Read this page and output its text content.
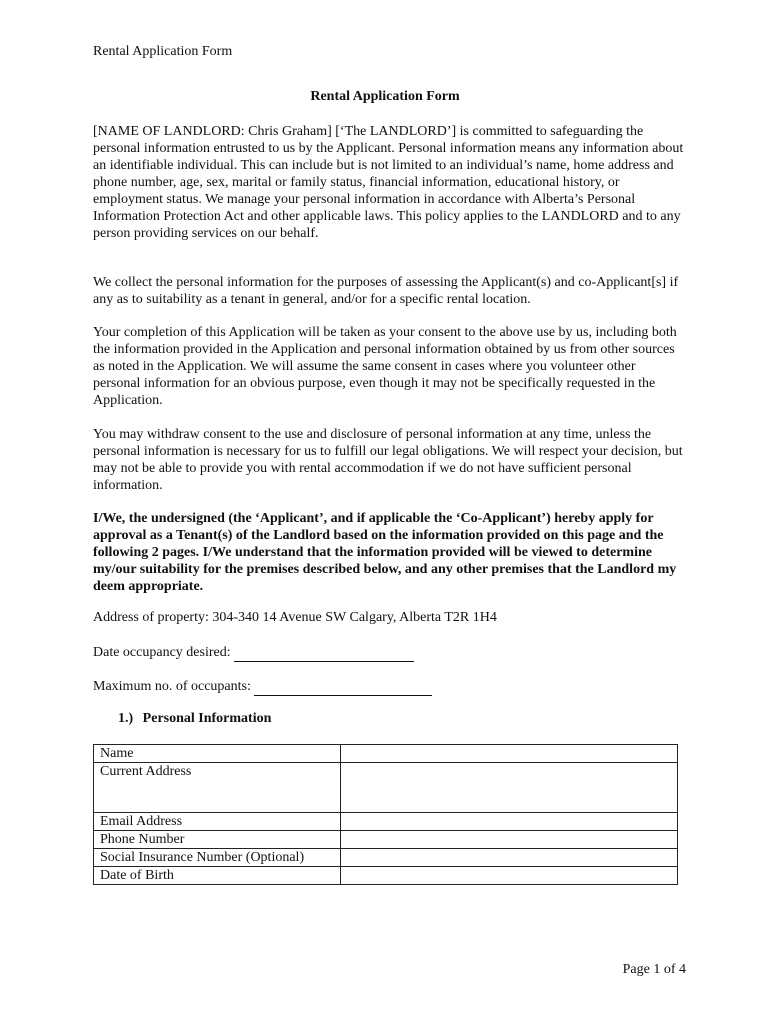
Rental Application Form
Rental Application Form

[NAME OF LANDLORD: Chris Graham] [‘The LANDLORD’] is committed to safeguarding the personal information entrusted to us by the Applicant. Personal information means any information about an identifiable individual. This can include but is not limited to an individual’s name, home address and phone number, age, sex, marital or family status, financial information, educational history, or employment status. We manage your personal information in accordance with Alberta’s Personal Information Protection Act and other applicable laws. This policy applies to the LANDLORD and to any person providing services on our behalf.

We collect the personal information for the purposes of assessing the Applicant(s) and co-Applicant[s] if any as to suitability as a tenant in general, and/or for a specific rental location.

Your completion of this Application will be taken as your consent to the above use by us, including both the information provided in the Application and personal information obtained by us from other sources as noted in the Application. We will assume the same consent in cases where you volunteer other personal information for an obvious purpose, even though it may not be specifically requested in the Application.

You may withdraw consent to the use and disclosure of personal information at any time, unless the personal information is necessary for us to fulfill our legal obligations. We will respect your decision, but may not be able to provide you with rental accommodation if we do not have sufficient personal information.

I/We, the undersigned (the ‘Applicant’, and if applicable the ‘Co-Applicant’) hereby apply for approval as a Tenant(s) of the Landlord based on the information provided on this page and the following 2 pages. I/We understand that the information provided will be viewed to determine my/our suitability for the premises described below, and any other premises that the Landlord my deem appropriate.

Address of property: 304-340 14 Avenue SW Calgary, Alberta T2R 1H4
Date occupancy desired:
Maximum no. of occupants:
1.) Personal Information
Name	
Current Address	
Email Address	
Phone Number	
Social Insurance Number (Optional)	
Date of Birth	
Page 1 of 4
